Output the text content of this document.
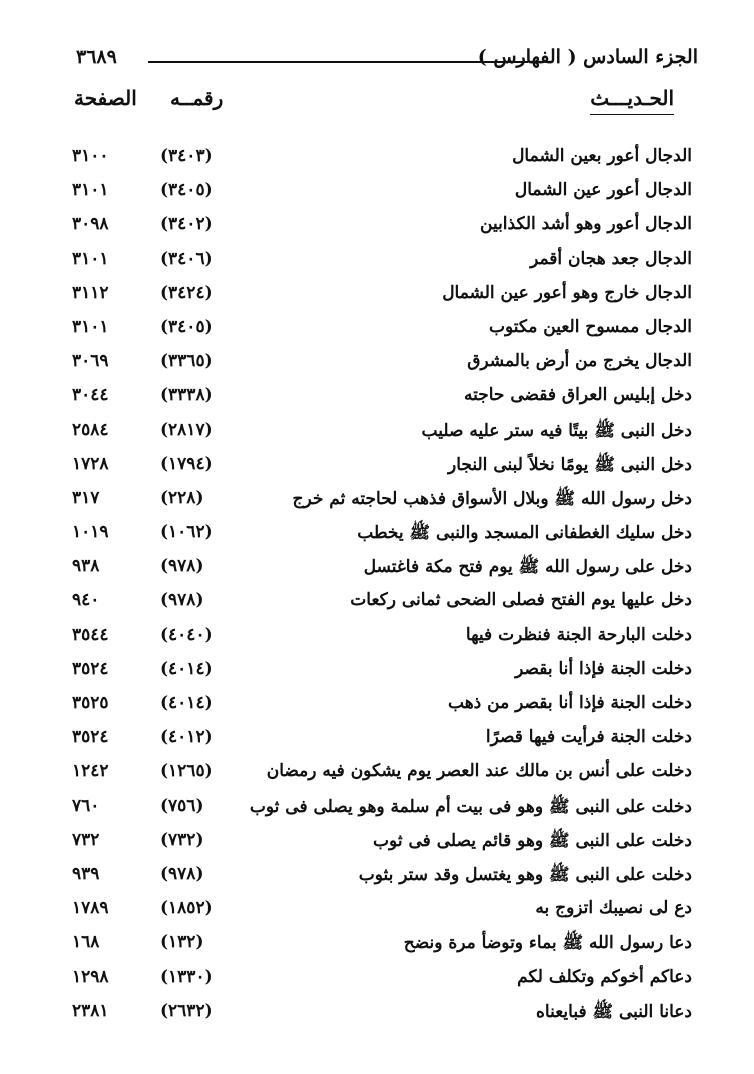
الجزء السادس ( الفهارس )
٣٦٨٩
الحـديـــث
رقمــه
الصفحة
الدجال أعور بعين الشمال
(٣٤٠٣)
٣١٠٠
الدجال أعور عين الشمال
(٣٤٠٥)
٣١٠١
الدجال أعور وهو أشد الكذابين
(٣٤٠٢)
٣٠٩٨
الدجال جعد هجان أقمر
(٣٤٠٦)
٣١٠١
الدجال خارج وهو أعور عين الشمال
(٣٤٢٤)
٣١١٢
الدجال ممسوح العين مكتوب
(٣٤٠٥)
٣١٠١
الدجال يخرج من أرض بالمشرق
(٣٣٦٥)
٣٠٦٩
دخل إبليس العراق فقضى حاجته
(٣٣٣٨)
٣٠٤٤
دخل النبى ﷺ بيتًا فيه ستر عليه صليب
(٢٨١٧)
٢٥٨٤
دخل النبى ﷺ يومًا نخلاً لبنى النجار
(١٧٩٤)
١٧٢٨
دخل رسول الله ﷺ وبلال الأسواق فذهب لحاجته ثم خرج
(٢٢٨)
٣١٧
دخل سليك الغطفانى المسجد والنبى ﷺ يخطب
(١٠٦٢)
١٠١٩
دخل على رسول الله ﷺ يوم فتح مكة فاغتسل
(٩٧٨)
٩٣٨
دخل عليها يوم الفتح فصلى الضحى ثمانى ركعات
(٩٧٨)
٩٤٠
دخلت البارحة الجنة فنظرت فيها
(٤٠٤٠)
٣٥٤٤
دخلت الجنة فإذا أنا بقصر
(٤٠١٤)
٣٥٢٤
دخلت الجنة فإذا أنا بقصر من ذهب
(٤٠١٤)
٣٥٢٥
دخلت الجنة فرأيت فيها قصرًا
(٤٠١٢)
٣٥٢٤
دخلت على أنس بن مالك عند العصر يوم يشكون فيه رمضان
(١٢٦٥)
١٢٤٢
دخلت على النبى ﷺ وهو فى بيت أم سلمة وهو يصلى فى ثوب
(٧٥٦)
٧٦٠
دخلت على النبى ﷺ وهو قائم يصلى فى ثوب
(٧٣٢)
٧٣٢
دخلت على النبى ﷺ وهو يغتسل وقد ستر بثوب
(٩٧٨)
٩٣٩
دع لى نصيبك اتزوج به
(١٨٥٢)
١٧٨٩
دعا رسول الله ﷺ بماء وتوضأ مرة ونضح
(١٣٢)
١٦٨
دعاكم أخوكم وتكلف لكم
(١٣٣٠)
١٢٩٨
دعانا النبى ﷺ فبايعناه
(٢٦٣٢)
٢٣٨١
